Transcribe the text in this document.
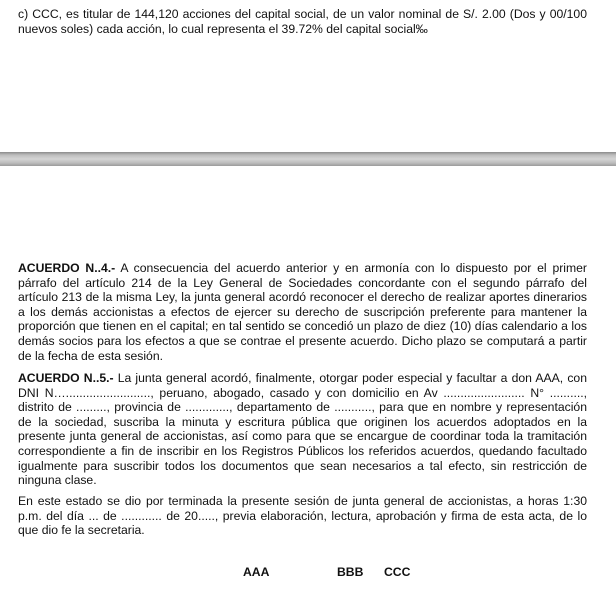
c) CCC, es titular de 144,120 acciones del capital social, de un valor nominal de S/. 2.00 (Dos y 00/100 nuevos soles) cada acción, lo cual representa el 39.72% del capital social‰

ACUERDO N..4.- A consecuencia del acuerdo anterior y en armonía con lo dispuesto por el primer párrafo del artículo 214 de la Ley General de Sociedades concordante con el segundo párrafo del artículo 213 de la misma Ley, la junta general acordó reconocer el derecho de realizar aportes dinerarios a los demás accionistas a efectos de ejercer su derecho de suscripción preferente para mantener la proporción que tienen en el capital; en tal sentido se concedió un plazo de diez (10) días calendario a los demás socios para los efectos a que se contrae el presente acuerdo. Dicho plazo se computará a partir de la fecha de esta sesión.

ACUERDO N..5.- La junta general acordó, finalmente, otorgar poder especial y facultar a don AAA, con DNI N…........................., peruano, abogado, casado y con domicilio en Av ........................ N° .........., distrito de ........., provincia de ............., departamento de ..........., para que en nombre y representación de la sociedad, suscriba la minuta y escritura pública que originen los acuerdos adoptados en la presente junta general de accionistas, así como para que se encargue de coordinar toda la tramitación correspondiente a fin de inscribir en los Registros Públicos los referidos acuerdos, quedando facultado igualmente para suscribir todos los documentos que sean necesarios a tal efecto, sin restricción de ninguna clase.

En este estado se dio por terminada la presente sesión de junta general de accionistas, a horas 1:30 p.m. del día ... de ............ de 20....., previa elaboración, lectura, aprobación y firma de esta acta, de lo que dio fe la secretaria.

AAA	BBB CCC
